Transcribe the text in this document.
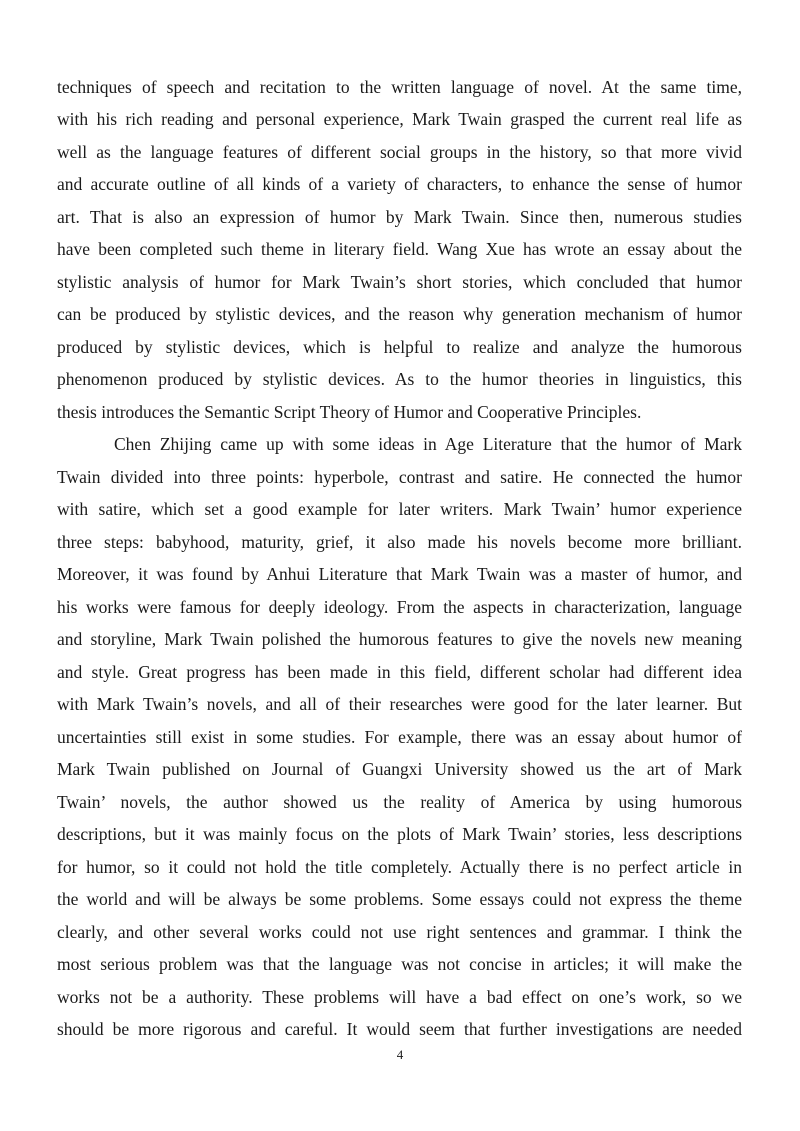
techniques of speech and recitation to the written language of novel. At the same time,
with his rich reading and personal experience, Mark Twain grasped the current real life as
well as the language features of different social groups in the history, so that more vivid
and accurate outline of all kinds of a variety of characters, to enhance the sense of humor
art. That is also an expression of humor by Mark Twain. Since then, numerous studies
have been completed such theme in literary field. Wang Xue has wrote an essay about the
stylistic analysis of humor for Mark Twain’s short stories, which concluded that humor
can be produced by stylistic devices, and the reason why generation mechanism of humor
produced by stylistic devices, which is helpful to realize and analyze the humorous
phenomenon produced by stylistic devices. As to the humor theories in linguistics, this
thesis introduces the Semantic Script Theory of Humor and Cooperative Principles.
Chen Zhijing came up with some ideas in Age Literature that the humor of Mark
Twain divided into three points: hyperbole, contrast and satire. He connected the humor
with satire, which set a good example for later writers. Mark Twain’ humor experience
three steps: babyhood, maturity, grief, it also made his novels become more brilliant.
Moreover, it was found by Anhui Literature that Mark Twain was a master of humor, and
his works were famous for deeply ideology. From the aspects in characterization, language
and storyline, Mark Twain polished the humorous features to give the novels new meaning
and style. Great progress has been made in this field, different scholar had different idea
with Mark Twain’s novels, and all of their researches were good for the later learner. But
uncertainties still exist in some studies. For example, there was an essay about humor of
Mark Twain published on Journal of Guangxi University showed us the art of Mark
Twain’ novels, the author showed us the reality of America by using humorous
descriptions, but it was mainly focus on the plots of Mark Twain’ stories, less descriptions
for humor, so it could not hold the title completely. Actually there is no perfect article in
the world and will be always be some problems. Some essays could not express the theme
clearly, and other several works could not use right sentences and grammar. I think the
most serious problem was that the language was not concise in articles; it will make the
works not be a authority. These problems will have a bad effect on one’s work, so we
should be more rigorous and careful. It would seem that further investigations are needed
4
